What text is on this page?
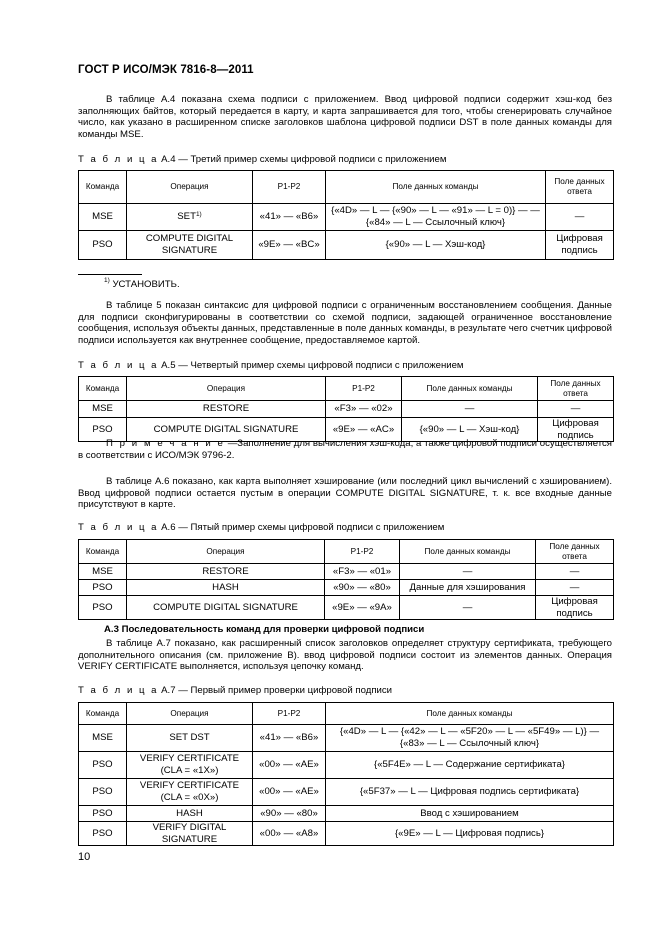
ГОСТ Р ИСО/МЭК 7816-8—2011
В таблице А.4 показана схема подписи с приложением. Ввод цифровой подписи содержит хэш-код без заполняющих байтов, который передается в карту, и карта запрашивается для того, чтобы сгенерировать случайное число, как указано в расширенном списке заголовков шаблона цифровой подписи DST в поле данных команды для команды MSE.
Т а б л и ц а А.4 — Третий пример схемы цифровой подписи с приложением
Команда	Операция	P1-P2	Поле данных команды	Поле данных ответа
MSE	SET$^{1)}$	«41» — «B6»	{«4D» — L — {«90» — L — «91» — L = 0)} — — {«84» — L — Ссылочный ключ}	—
PSO	COMPUTE DIGITAL SIGNATURE	«9E» — «BC»	{«90» — L — Хэш-код}	Цифровая подпись
$^{1)}$ УСТАНОВИТЬ.
В таблице 5 показан синтаксис для цифровой подписи с ограниченным восстановлением сообщения. Данные для подписи сконфигурированы в соответствии со схемой подписи, задающей ограниченное восстановление сообщения, используя объекты данных, представленные в поле данных команды, в результате чего счетчик цифровой подписи используется как внутреннее сообщение, предоставляемое картой.
Т а б л и ц а А.5 — Четвертый пример схемы цифровой подписи с приложением
Команда	Операция	P1-P2	Поле данных команды	Поле данных ответа
MSE	RESTORE	«F3» — «02»	—	—
PSO	COMPUTE DIGITAL SIGNATURE	«9E» — «AC»	{«90» — L — Хэш-код}	Цифровая подпись
П р и м е ч а н и е —Заполнение для вычисления хэш-кода, а также цифровой подписи осуществляется в соответствии с ИСО/МЭК 9796-2.
В таблице А.6 показано, как карта выполняет хэширование (или последний цикл вычислений с хэшированием). Ввод цифровой подписи остается пустым в операции COMPUTE DIGITAL SIGNATURE, т. к. все входные данные присутствуют в карте.
Т а б л и ц а А.6 — Пятый пример схемы цифровой подписи с приложением
Команда	Операция	P1-P2	Поле данных команды	Поле данных ответа
MSE	RESTORE	«F3» — «01»	—	—
PSO	HASH	«90» — «80»	Данные для хэширования	—
PSO	COMPUTE DIGITAL SIGNATURE	«9E» — «9A»	—	Цифровая подпись
А.3 Последовательность команд для проверки цифровой подписи
В таблице А.7 показано, как расширенный список заголовков определяет структуру сертификата, требующего дополнительного описания (см. приложение В). ввод цифровой подписи состоит из элементов данных. Операция VERIFY CERTIFICATE выполняется, используя цепочку команд.
Т а б л и ц а А.7 — Первый пример проверки цифровой подписи
Команда	Операция	P1-P2	Поле данных команды
MSE	SET DST	«41» — «B6»	{«4D» — L — {«42» — L — «5F20» — L — «5F49» — L)} — {«83» — L — Ссылочный ключ}
PSO	VERIFY CERTIFICATE (CLA = «1X»)	«00» — «AE»	{«5F4E» — L — Содержание сертификата}
PSO	VERIFY CERTIFICATE (CLA = «0X»)	«00» — «AE»	{«5F37» — L — Цифровая подпись сертификата}
PSO	HASH	«90» — «80»	Ввод с хэшированием
PSO	VERIFY DIGITAL SIGNATURE	«00» — «A8»	{«9E» — L — Цифровая подпись}
10
